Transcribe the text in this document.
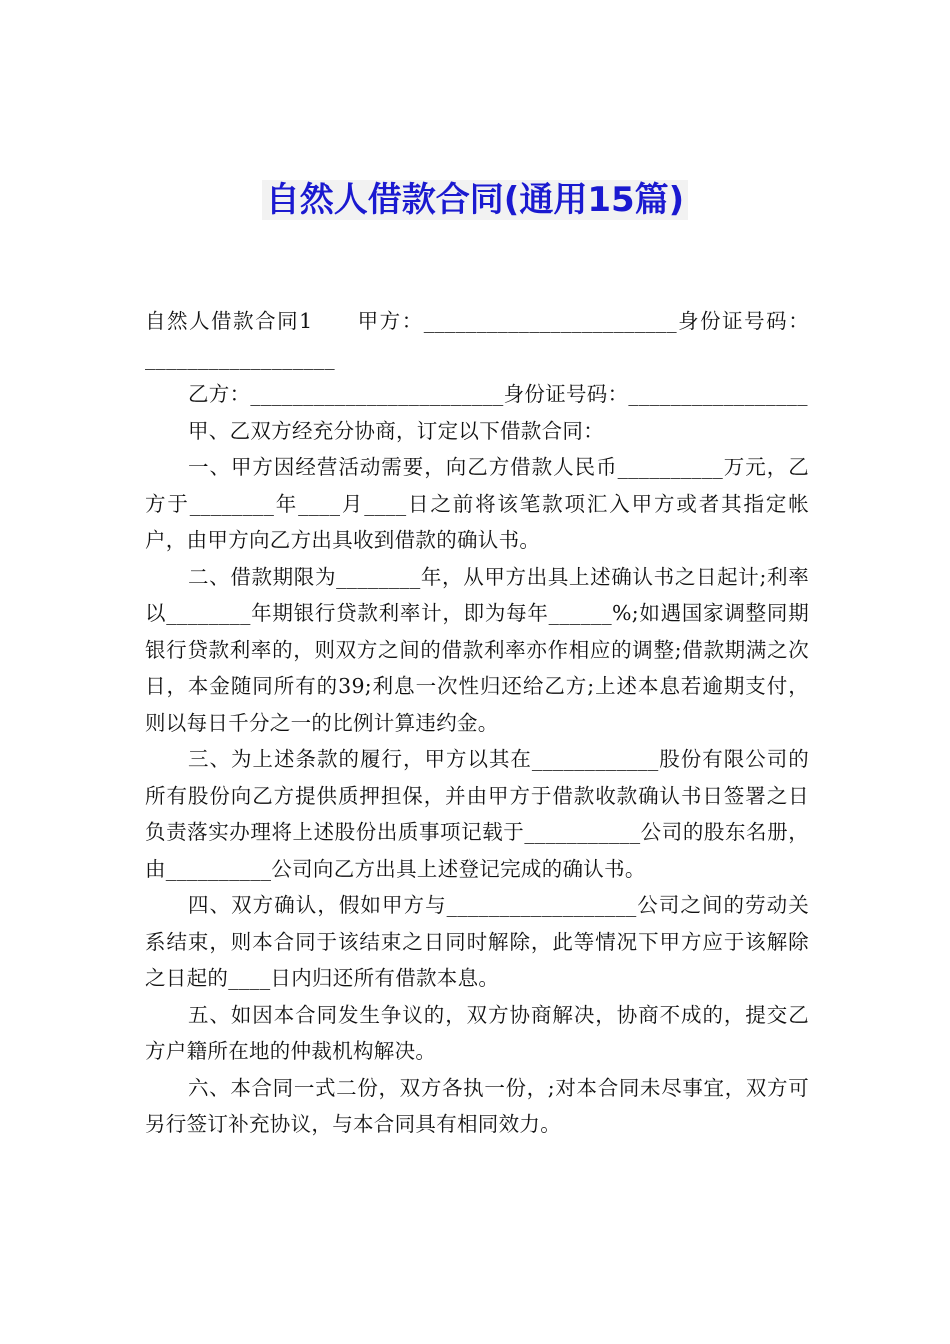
自然人借款合同(通用15篇)

自然人借款合同1　　甲方：________________________身份证号码：__________________

乙方：________________________身份证号码：_________________

甲、乙双方经充分协商，订定以下借款合同：

一、甲方因经营活动需要，向乙方借款人民币__________万元，乙方于________年____月____日之前将该笔款项汇入甲方或者其指定帐户，由甲方向乙方出具收到借款的确认书。

二、借款期限为________年，从甲方出具上述确认书之日起计;利率以________年期银行贷款利率计，即为每年______%;如遇国家调整同期银行贷款利率的，则双方之间的借款利率亦作相应的调整;借款期满之次日，本金随同所有的39;利息一次性归还给乙方;上述本息若逾期支付，则以每日千分之一的比例计算违约金。

三、为上述条款的履行，甲方以其在____________股份有限公司的所有股份向乙方提供质押担保，并由甲方于借款收款确认书日签署之日负责落实办理将上述股份出质事项记载于___________公司的股东名册，由__________公司向乙方出具上述登记完成的确认书。

四、双方确认，假如甲方与__________________公司之间的劳动关系结束，则本合同于该结束之日同时解除，此等情况下甲方应于该解除之日起的____日内归还所有借款本息。

五、如因本合同发生争议的，双方协商解决，协商不成的，提交乙方户籍所在地的仲裁机构解决。

六、本合同一式二份，双方各执一份，;对本合同未尽事宜，双方可另行签订补充协议，与本合同具有相同效力。
